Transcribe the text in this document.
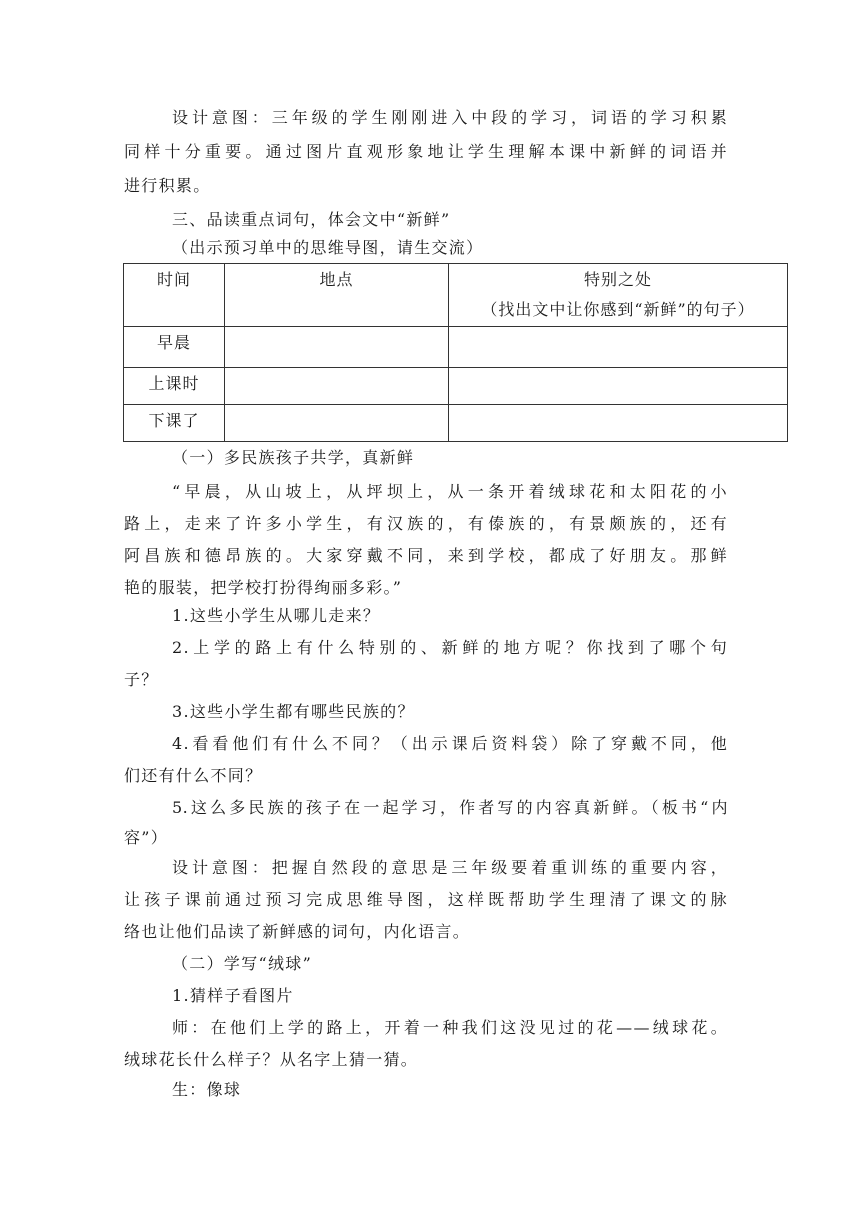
设计意图：三年级的学生刚刚进入中段的学习，词语的学习积累
同样十分重要。通过图片直观形象地让学生理解本课中新鲜的词语并
进行积累。
三、品读重点词句，体会文中“新鲜”
（出示预习单中的思维导图，请生交流）
时间	地点	特别之处
（找出文中让你感到“新鲜”的句子）

早晨		

上课时		

下课了		

（一）多民族孩子共学，真新鲜
“早晨，从山坡上，从坪坝上，从一条开着绒球花和太阳花的小
路上，走来了许多小学生，有汉族的，有傣族的，有景颇族的，还有
阿昌族和德昂族的。大家穿戴不同，来到学校，都成了好朋友。那鲜
艳的服装，把学校打扮得绚丽多彩。”
1.这些小学生从哪儿走来？
2.上学的路上有什么特别的、新鲜的地方呢？你找到了哪个句
子？
3.这些小学生都有哪些民族的？
4.看看他们有什么不同？（出示课后资料袋）除了穿戴不同，他
们还有什么不同？
5.这么多民族的孩子在一起学习，作者写的内容真新鲜。（板书“内
容”）
设计意图：把握自然段的意思是三年级要着重训练的重要内容，
让孩子课前通过预习完成思维导图，这样既帮助学生理清了课文的脉
络也让他们品读了新鲜感的词句，内化语言。
（二）学写“绒球”
1.猜样子看图片
师：在他们上学的路上，开着一种我们这没见过的花——绒球花。
绒球花长什么样子？从名字上猜一猜。
生：像球
